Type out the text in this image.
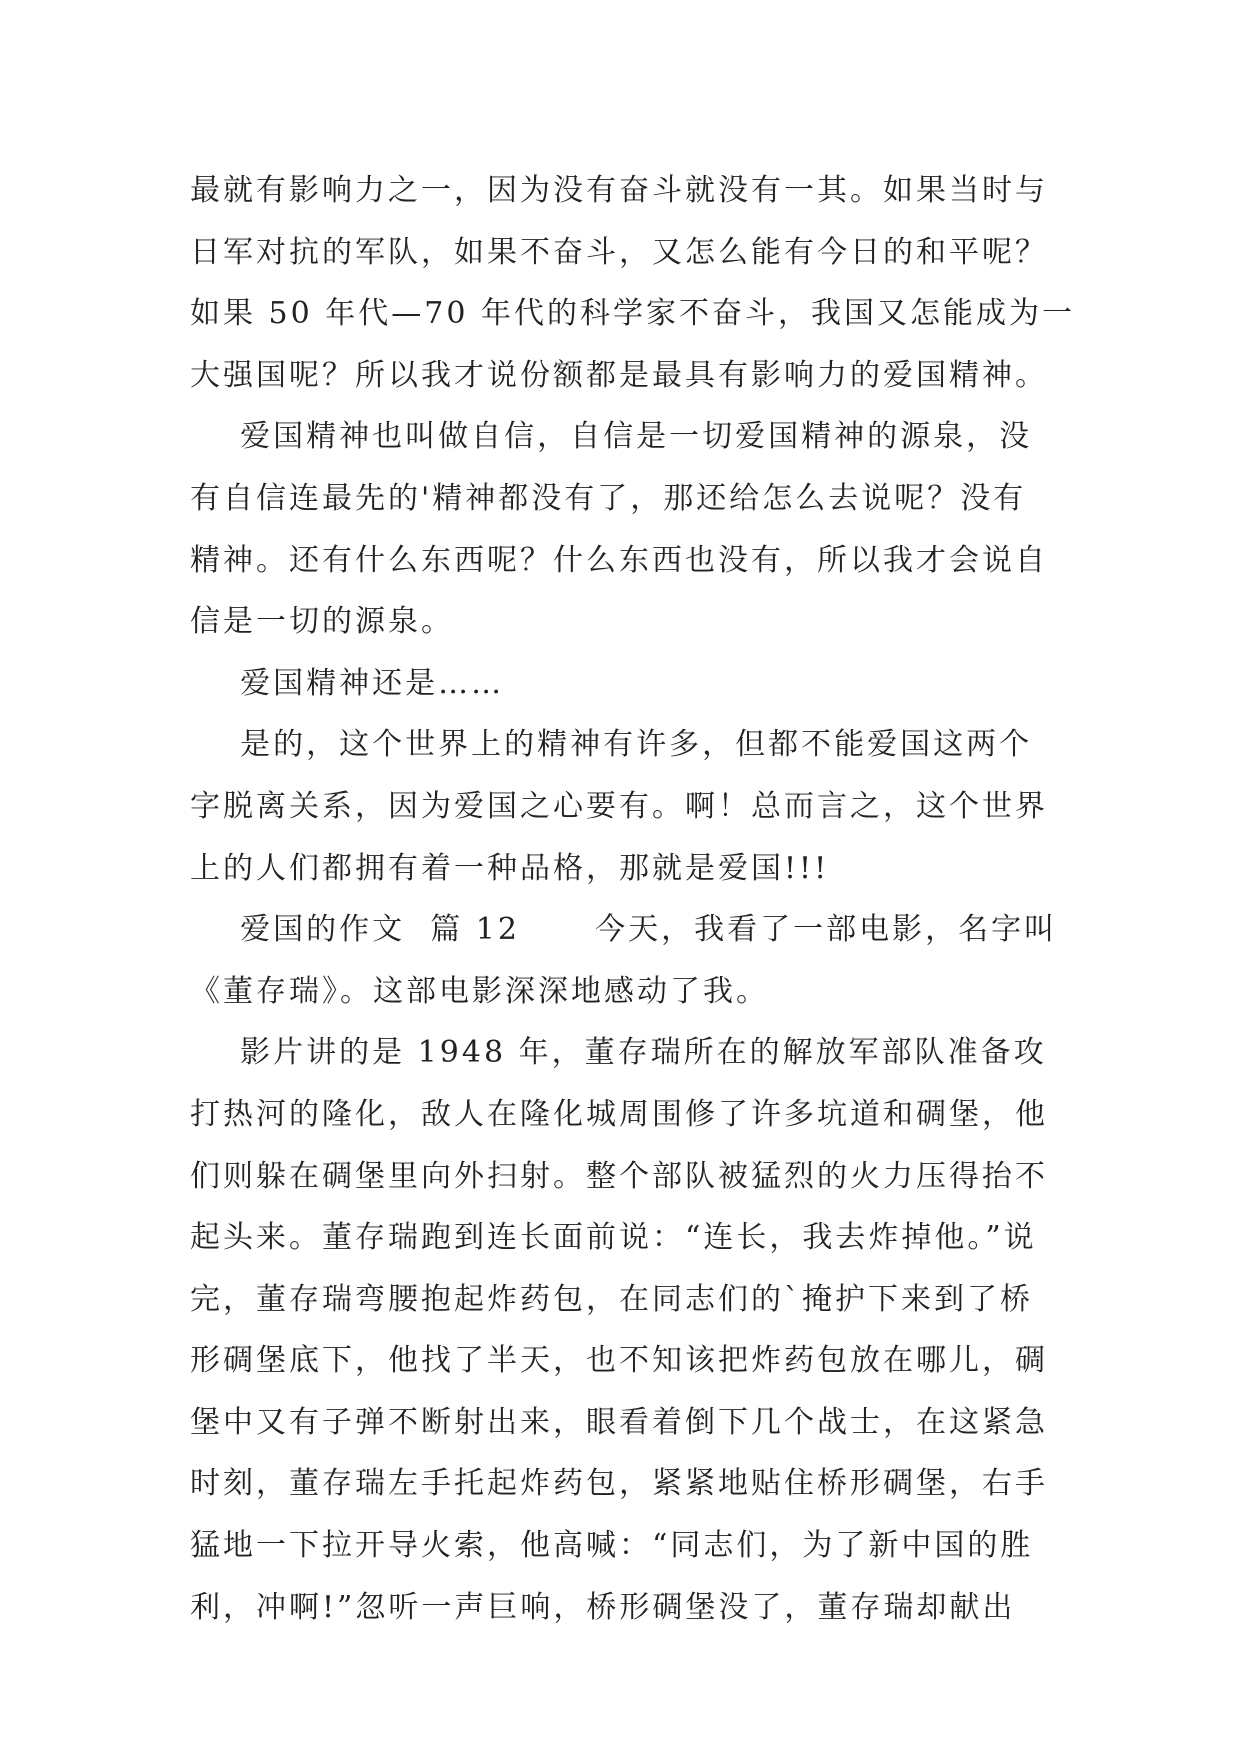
最就有影响力之一，因为没有奋斗就没有一其。如果当时与
日军对抗的军队，如果不奋斗，又怎么能有今日的和平呢？
如果 50 年代—70 年代的科学家不奋斗，我国又怎能成为一
大强国呢？所以我才说份额都是最具有影响力的爱国精神。
爱国精神也叫做自信，自信是一切爱国精神的源泉，没
有自信连最先的'精神都没有了，那还给怎么去说呢？没有
精神。还有什么东西呢？什么东西也没有，所以我才会说自
信是一切的源泉。
爱国精神还是……
是的，这个世界上的精神有许多，但都不能爱国这两个
字脱离关系，因为爱国之心要有。啊！总而言之，这个世界
上的人们都拥有着一种品格，那就是爱国!!!
爱国的作文  篇 12      今天，我看了一部电影，名字叫
《董存瑞》。这部电影深深地感动了我。
影片讲的是 1948 年，董存瑞所在的解放军部队准备攻
打热河的隆化，敌人在隆化城周围修了许多坑道和碉堡，他
们则躲在碉堡里向外扫射。整个部队被猛烈的火力压得抬不
起头来。董存瑞跑到连长面前说：“连长，我去炸掉他。”说
完，董存瑞弯腰抱起炸药包，在同志们的`掩护下来到了桥
形碉堡底下，他找了半天，也不知该把炸药包放在哪儿，碉
堡中又有子弹不断射出来，眼看着倒下几个战士，在这紧急
时刻，董存瑞左手托起炸药包，紧紧地贴住桥形碉堡，右手
猛地一下拉开导火索，他高喊：“同志们，为了新中国的胜
利，冲啊!”忽听一声巨响，桥形碉堡没了，董存瑞却献出
